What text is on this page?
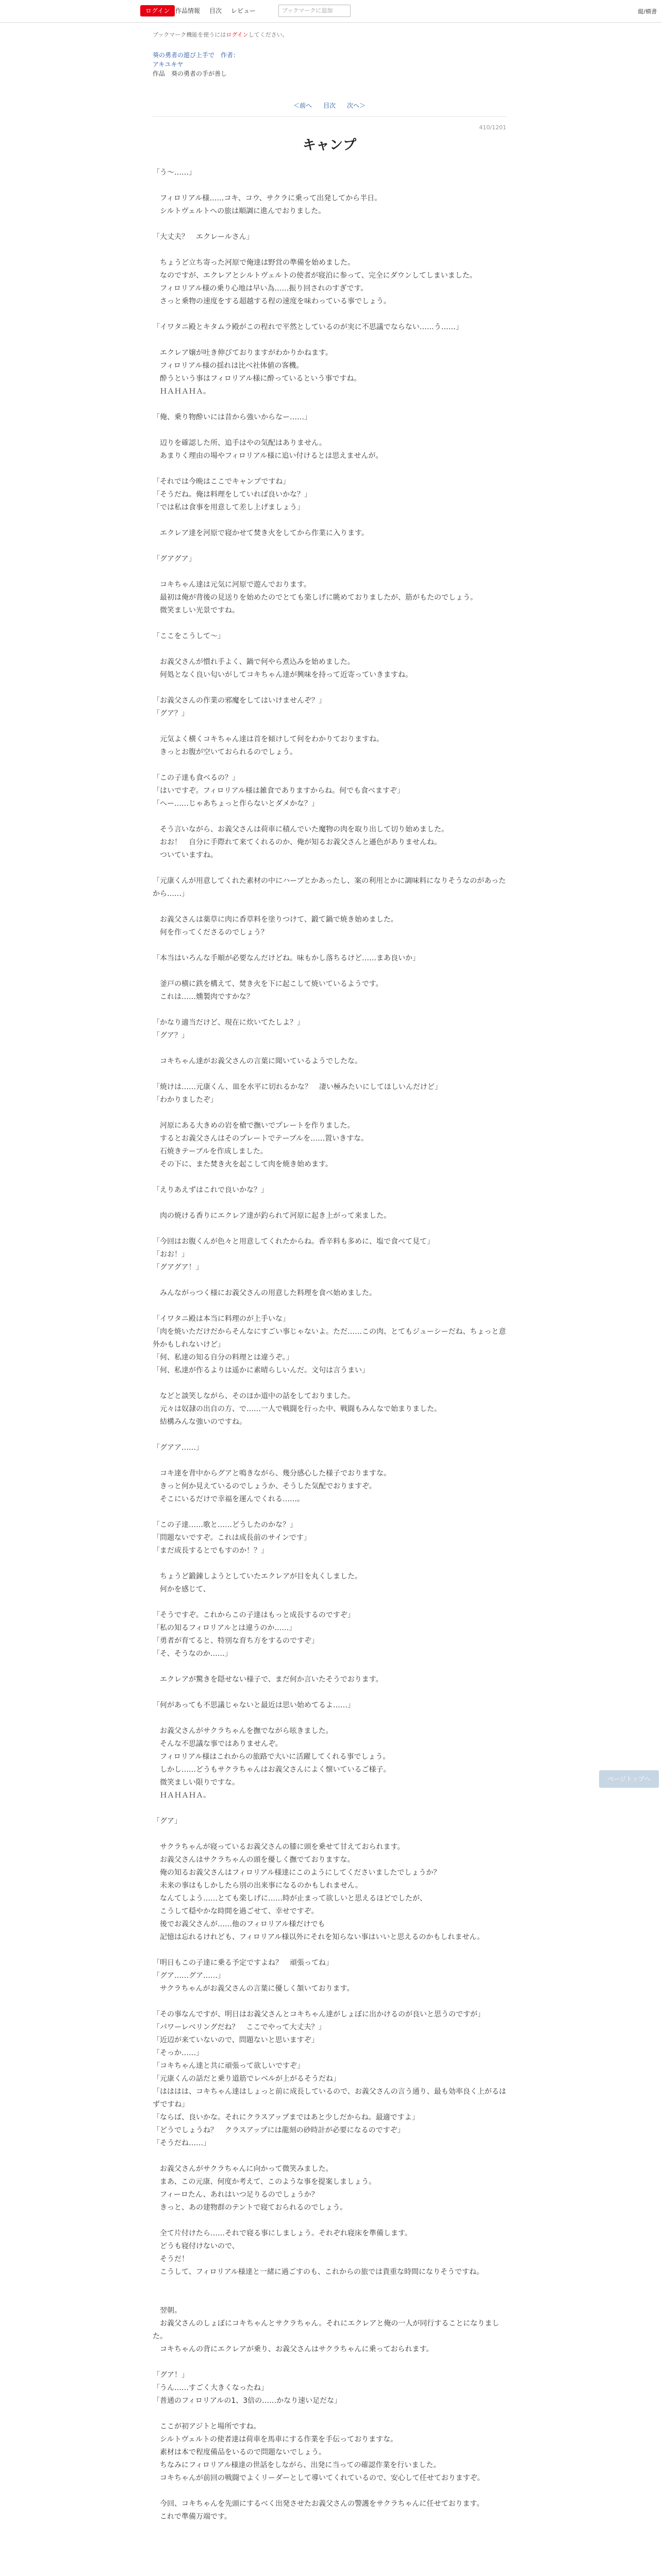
ログイン 作品情報 目次 レビュー	ブックマークに追加	縦/横書
ブックマーク機能を使うにはログインしてください。
葵の勇者の遊び上手で　作者：
アキユキヤ
作品　葵の勇者の手が善し
＜前へ 目次 次へ＞
410/1201
キャンプ

「う〜……」

　フィロリアル様……コキ、コウ、サクラに乗って出発してから半日。

　シルトヴェルトへの旅は順調に進んでおりました。

「大丈夫？　エクレールさん」

　ちょうど立ち寄った河原で俺達は野営の準備を始めました。

　なのですが、エクレアとシルトヴェルトの使者が寝泊に参って、完全にダウンしてしまいました。

　フィロリアル様の乗り心地は早い為……振り回されのすぎです。

　さっと乗物の速度をする超越する程の速度を味わっている事でしょう。

「イワタニ殿とキタムラ殿がこの程れで平然としているのが実に不思議でならない……う……」

　エクレア嬢が吐き伸びておりますがわかりかねます。

　フィロリアル様の揺れは比べ社体値の客機。

　酔うという事はフィロリアル様に酔っているという事ですね。

　ＨＡＨＡＨＡ。

「俺、乗り物酔いには昔から強いからなー……」

　辺りを確認した所、追手はやの気配はありません。

　あまりく理由の場やフィロリアル様に追い付けるとは思えませんが。

「それでは今晩はここでキャンプですね」

「そうだね。俺は料理をしていれば良いかな？」

「では私は食事を用意して差し上げましょう」

　エクレア達を河原で寝かせて焚き火をしてから作業に入ります。

「グアグア」

　コキちゃん達は元気に河原で遊んでおります。

　最初は俺が背後の見送りを始めたのでとても楽しげに眺めておりましたが、筋がもたのでしょう。

　微笑ましい光景ですね。

「ここをこうして〜」

　お義父さんが慣れ手よく、鍋で何やら煮込みを始めました。

　何処となく良い匂いがしてコキちゃん達が興味を持って近寄っていきますね。

「お義父さんの作業の邪魔をしてはいけませんぞ？」

「グア？」

　元気よく横くコキちゃん達は首を傾けして何をわかりておりますね。

　きっとお腹が空いておられるのでしょう。

「この子達も食べるの？」

「はいですぞ。フィロリアル様は雑食でありますからね。何でも食べますぞ」

「へー……じゃあちょっと作らないとダメかな？」

　そう言いながら、お義父さんは荷車に積んでいた魔物の肉を取り出して切り始めました。

　おお！　自分に手際れて来てくれるのか、俺が知るお義父さんと遜色がありませんね。

　ついていますね。

「元康くんが用意してくれた素材の中にハーブとかあったし、案の利用とかに調味料になりそうなのがあったから……」

　お義父さんは薬草に肉に香草料を塗りつけて、鍛て鍋で焼き始めました。

　何を作ってくださるのでしょう？

「本当はいろんな手順が必要なんだけどね。味もかし落ちるけど……まあ良いか」

　釜戸の横に鉄を構えて、焚き火を下に起こして焼いているようです。

　これは……燻製肉ですかな？

「かなり適当だけど、現在に炊いてたしよ？」

「グア？」

　コキちゃん達がお義父さんの言葉に聞いているようでしたな。

「焼けは……元康くん、皿を水平に切れるかな？　凄い極みたいにしてほしいんだけど」

「わかりましたぞ」

　河原にある大きめの岩を槍で撫いでプレートを作りました。

　するとお義父さんはそのプレートでテーブルを……置いきすな。

　石焼きテーブルを作成しました。

　その下に、また焚き火を起こして肉を焼き始めます。

「えりあえずはこれで良いかな？」

　肉の焼ける香りにエクレア達が釣られて河原に起き上がって来ました。

「今回はお腹くんが色々と用意してくれたからね。香辛料も多めに、塩で食べて見て」

「おお！」

「グアグア！」

　みんながっつく様にお義父さんの用意した料理を食べ始めました。

「イワタニ殿は本当に料理のが上手いな」

「肉を焼いただけだからそんなにすごい事じゃないよ。ただ……この肉、とてもジューシーだね、ちょっと意外かもしれないけど」

「何、私達の知る自分の料理とは違うぞ。」

「何、私達が作るよりは遥かに素晴らしいんだ。文句は言うまい」

　などと談笑しながら、そのほか道中の話をしておりました。

　元々は奴隷の出自の方、で……一人で戦闘を行った中、戦闘もみんなで始まりました。

　結構みんな強いのですね。

「グアア……」

　コキ達を背中からグアと鳴きながら、幾分感心した様子でおりますな。

　きっと何か見えているのでしょうか、そうした気配でおりますぞ。

　そこにいるだけで幸福を運んでくれる……。

「この子達……歌と……どうしたのかな？」

「問題ないですぞ。これは成長前のサインです」

「まだ成長するとでもすのか！？」

　ちょうど鍛錬しようとしていたエクレアが目を丸くしました。

　何かを感じて、

「そうですぞ。これからこの子達はもっと成長するのですぞ」

「私の知るフィロリアルとは違うのか……」

「勇者が育てると、特別な育ち方をするのですぞ」

「そ、そうなのか……」

　エクレアが驚きを隠せない様子で、まだ何か言いたそうでおります。

「何があっても不思議じゃないと最近は思い始めてるよ……」

　お義父さんがサクラちゃんを撫でながら呟きました。

　そんな不思議な事ではありませんぞ。

　フィロリアル様はこれからの旅路で大いに活躍してくれる事でしょう。

　しかし……どうもサクラちゃんはお義父さんによく懐いているご様子。

　微笑ましい限りですな。

　ＨＡＨＡＨＡ。

「グア」

　サクラちゃんが寝っているお義父さんの膝に頭を乗せて甘えておられます。

　お義父さんはサクラちゃんの頭を優しく撫でておりますな。

　俺の知るお義父さんはフィロリアル様達にこのようにしてくださいましたでしょうか？

　未来の事はもしかしたら別の出来事になるのかもしれません。

　なんてしよう……とても楽しげに……時が止まって欲しいと思えるほどでしたが、

　こうして穏やかな時間を過ごせて、幸せですぞ。

　後でお義父さんが……他のフィロリアル様だけでも

　記憶は忘れるけれども、フィロリアル様以外にそれを知らない事はいいと思えるのかもしれません。

「明日もこの子達に乗る予定ですよね？　頑張ってね」

「グア……グア……」

　サクラちゃんがお義父さんの言葉に優しく頷いております。

「その事なんですが、明日はお義父さんとコキちゃん達がしょぼに出かけるのが良いと思うのですが」

「パワーレベリングだね？　ここでやって大丈夫？」

「近辺が来ていないので、問題ないと思いますぞ」

「そっか……」

「コキちゃん達と共に頑張って欲しいですぞ」

「元康くんの話だと乗り道筋でレベルが上がるそうだね」

「はははは、コキちゃん達はしょっと前に成長しているので、お義父さんの言う通り、最も効率良く上がるはずですね」

「ならば、良いかな。それにクラスアップまではあと少しだからね。最適ですよ」

「どうでしょうね？　クラスアップには龍刻の砂時計が必要になるのですぞ」

「そうだね……」

　お義父さんがサクラちゃんに向かって微笑みました。

　まあ、この元康、何度か考えて、このような事を提案しましょう。

　フィーロたん、あれはいつ足りるのでしょうか？

　きっと、あの建物群のテントで寝ておられるのでしょう。

　全て片付けたら……それで寝る事にしましょう。それぞれ寝床を準備します。

　どうも寝付けないので、

　そうだ！

　こうして、フィロリアル様達と一緒に過ごすのも、これからの旅では貴重な時間になりそうですね。

　翌朝。

　お義父さんのしょぼにコキちゃんとサクラちゃん。それにエクレアと俺の一人が同行することになりました。

　コキちゃんの背にエクレアが乗り、お義父さんはサクラちゃんに乗っておられます。

「グア！」

「うん……すごく大きくなったね」

「普通のフィロリアルの1、3倍の……かなり速い足だな」

　ここが初アジトと場所ですね。

　シルトヴェルトの使者達は荷車を馬車にする作業を手伝っておりますな。

　素材は本で程度備品をいるので問題ないでしょう。

　ちなみにフィロリアル様達の世話をしながら、出発に当っての確認作業を行いました。

　コキちゃんが前回の戦闘でよくリーダーとして導いてくれているので、安心して任せておりますぞ。

　今回、コキちゃんを先頭にするべく出発させたお義父さんの警護をサクラちゃんに任せております。

　これで準備万端です。

ページトップへ
